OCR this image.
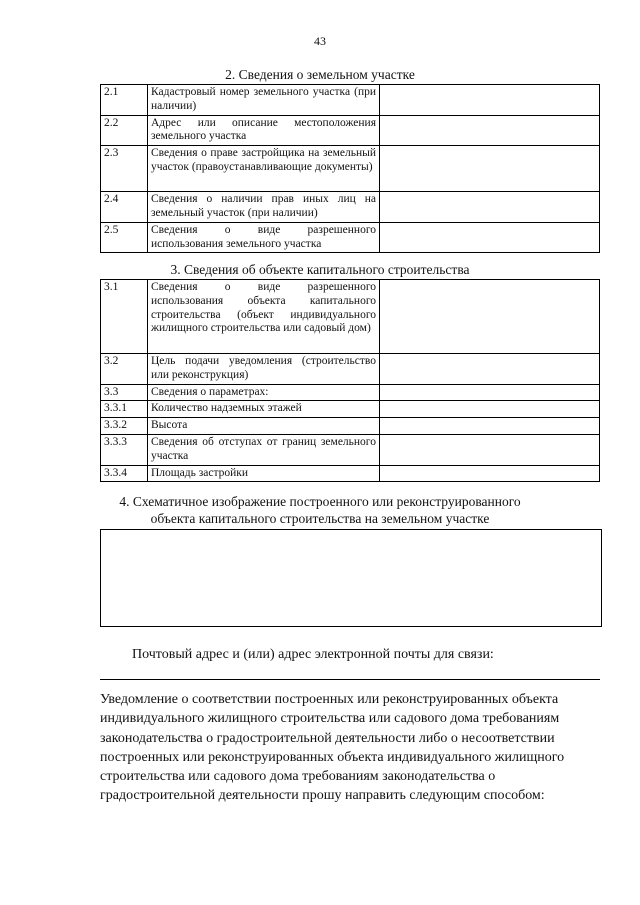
43
2. Сведения о земельном участке
2.1	Кадастровый номер земельного участка (при наличии)	
2.2	Адрес или описание местоположения земельного участка	
2.3	Сведения о праве застройщика на земельный участок (правоустанавливающие документы)	
2.4	Сведения о наличии прав иных лиц на земельный участок (при наличии)	
2.5	Сведения о виде разрешенного использования земельного участка	
3. Сведения об объекте капитального строительства
3.1	Сведения о виде разрешенного использования объекта капитального строительства (объект индивидуального жилищного строительства или садовый дом)	
3.2	Цель подачи уведомления (строительство или реконструкция)	
3.3	Сведения о параметрах:	
3.3.1	Количество надземных этажей	
3.3.2	Высота	
3.3.3	Сведения об отступах от границ земельного участка	
3.3.4	Площадь застройки	
4. Схематичное изображение построенного или реконструированного
объекта капитального строительства на земельном участке
Почтовый адрес и (или) адрес электронной почты для связи:

Уведомление о соответствии построенных или реконструированных объекта индивидуального жилищного строительства или садового дома требованиям законодательства о градостроительной деятельности либо о несоответствии построенных или реконструированных объекта индивидуального жилищного строительства или садового дома требованиям законодательства о градостроительной деятельности прошу направить следующим способом:
